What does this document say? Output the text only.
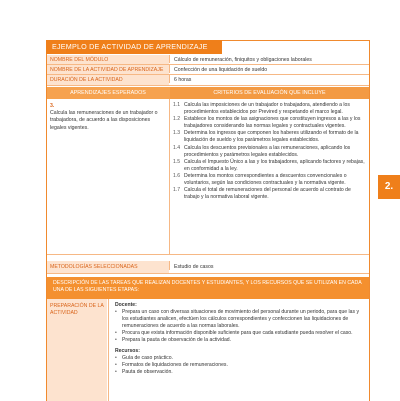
NOMBRE DEL MÓDULO	Cálculo de remuneración, finiquitos y obligaciones laborales
NOMBRE DE LA ACTIVIDAD DE APRENDIZAJE	Confección de una liquidación de sueldo
DURACIÓN DE LA ACTIVIDAD	6 horas
APRENDIZAJES ESPERADOS	CRITERIOS DE EVALUACIÓN QUE INCLUYE
3.
Calcula las remuneraciones de un trabajador o trabajadora, de acuerdo a las disposiciones legales vigentes.
1.1 Calcula las imposiciones de un trabajador o trabajadora, atendiendo a los procedimientos establecidos por Previred y respetando el marco legal.
1.2 Establece los montos de las asignaciones que constituyen ingresos a las y los trabajadores considerando las normas legales y contractuales vigentes.
1.3 Determina los ingresos que componen los haberes utilizando el formato de la liquidación de sueldo y los parámetros legales establecidos.
1.4 Calcula los descuentos previsionales a las remuneraciones, aplicando los procedimientos y parámetros legales establecidos.
1.5 Calcula el Impuesto Único a las y los trabajadores, aplicando factores y rebajas, en conformidad a la ley.
1.6 Determina los montos correspondientes a descuentos convencionales o voluntarios, según las condiciones contractuales y la normativa vigente.
1.7 Calcula el total de remuneraciones del personal de acuerdo al contrato de trabajo y la normativa laboral vigente.
METODOLOGÍAS SELECCIONADAS	Estudio de casos
DESCRIPCIÓN DE LAS TAREAS QUE REALIZAN DOCENTES Y ESTUDIANTES, Y LOS RECURSOS QUE SE UTILIZAN EN CADA UNA DE LAS SIGUIENTES ETAPAS:
PREPARACIÓN DE LA ACTIVIDAD
Docente:
• Prepara un caso con diversas situaciones de movimiento del personal durante un periodo, para que las y los estudiantes analicen, efectúen los cálculos correspondientes y confeccionen las liquidaciones de remuneraciones de acuerdo a las normas laborales.
• Procura que exista información disponible suficiente para que cada estudiante pueda resolver el caso.
• Prepara la pauta de observación de la actividad.
Recursos:
• Guía de caso práctico.
• Formatos de liquidaciones de remuneraciones.
• Pauta de observación.
EJEMPLO DE ACTIVIDAD DE APRENDIZAJE
2.
